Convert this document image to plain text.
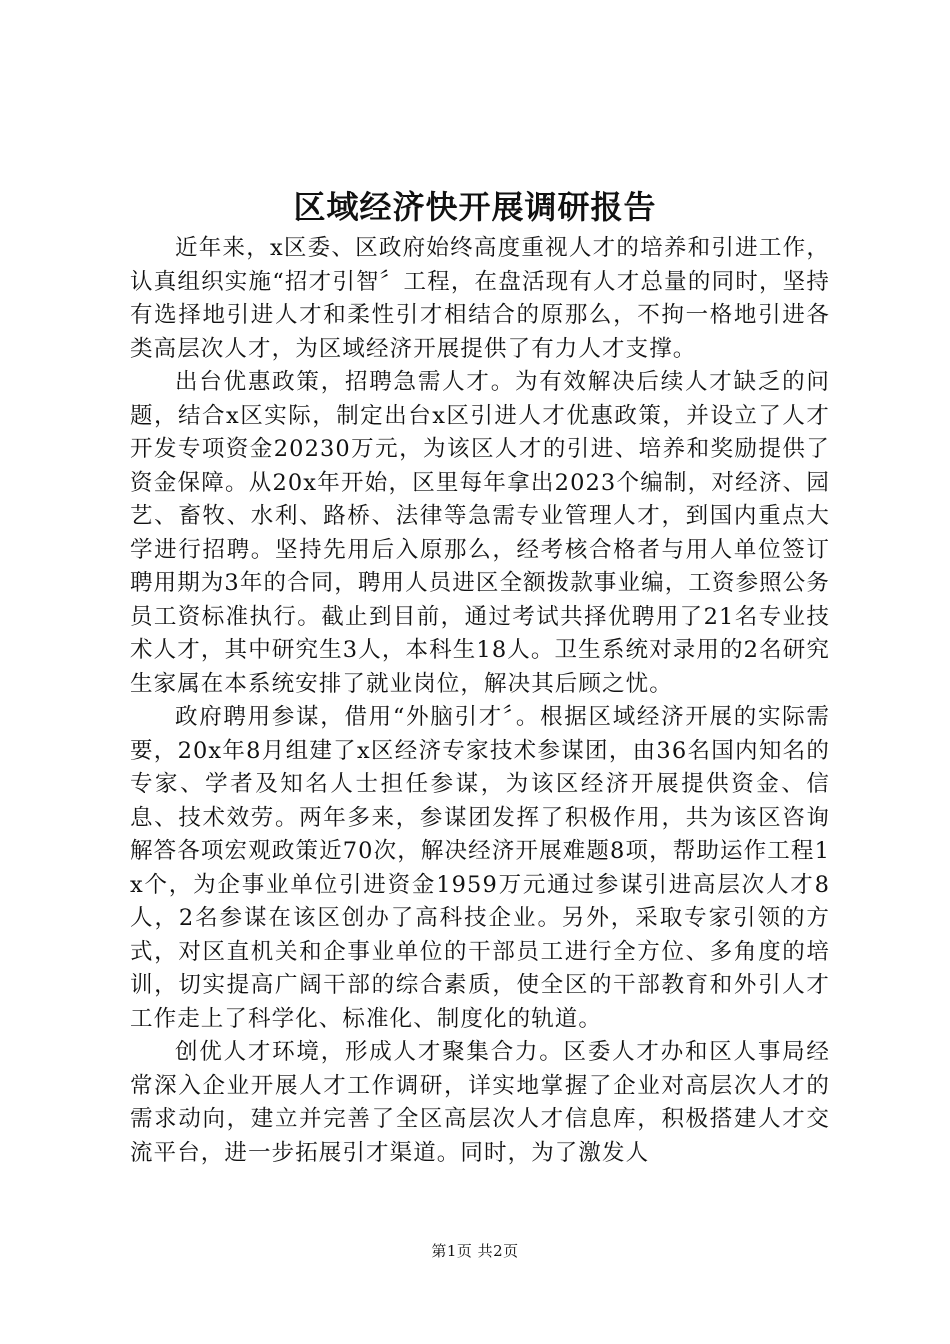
区域经济快开展调研报告

近年来，x区委、区政府始终高度重视人才的培养和引进工作，认真组织实施“招才引智〞工程，在盘活现有人才总量的同时，坚持有选择地引进人才和柔性引才相结合的原那么，不拘一格地引进各类高层次人才，为区域经济开展提供了有力人才支撑。

出台优惠政策，招聘急需人才。为有效解决后续人才缺乏的问题，结合x区实际，制定出台x区引进人才优惠政策，并设立了人才开发专项资金20230万元，为该区人才的引进、培养和奖励提供了资金保障。从20x年开始，区里每年拿出2023个编制，对经济、园艺、畜牧、水利、路桥、法律等急需专业管理人才，到国内重点大学进行招聘。坚持先用后入原那么，经考核合格者与用人单位签订聘用期为3年的合同，聘用人员进区全额拨款事业编，工资参照公务员工资标准执行。截止到目前，通过考试共择优聘用了21名专业技术人才，其中研究生3人，本科生18人。卫生系统对录用的2名研究生家属在本系统安排了就业岗位，解决其后顾之忧。

政府聘用参谋，借用“外脑引才〞。根据区域经济开展的实际需要，20x年8月组建了x区经济专家技术参谋团，由36名国内知名的专家、学者及知名人士担任参谋，为该区经济开展提供资金、信息、技术效劳。两年多来，参谋团发挥了积极作用，共为该区咨询解答各项宏观政策近70次，解决经济开展难题8项，帮助运作工程1x个，为企事业单位引进资金1959万元通过参谋引进高层次人才8人，2名参谋在该区创办了高科技企业。另外，采取专家引领的方式，对区直机关和企事业单位的干部员工进行全方位、多角度的培训，切实提高广阔干部的综合素质，使全区的干部教育和外引人才工作走上了科学化、标准化、制度化的轨道。

创优人才环境，形成人才聚集合力。区委人才办和区人事局经常深入企业开展人才工作调研，详实地掌握了企业对高层次人才的需求动向，建立并完善了全区高层次人才信息库，积极搭建人才交流平台，进一步拓展引才渠道。同时，为了激发人

第1页 共2页
